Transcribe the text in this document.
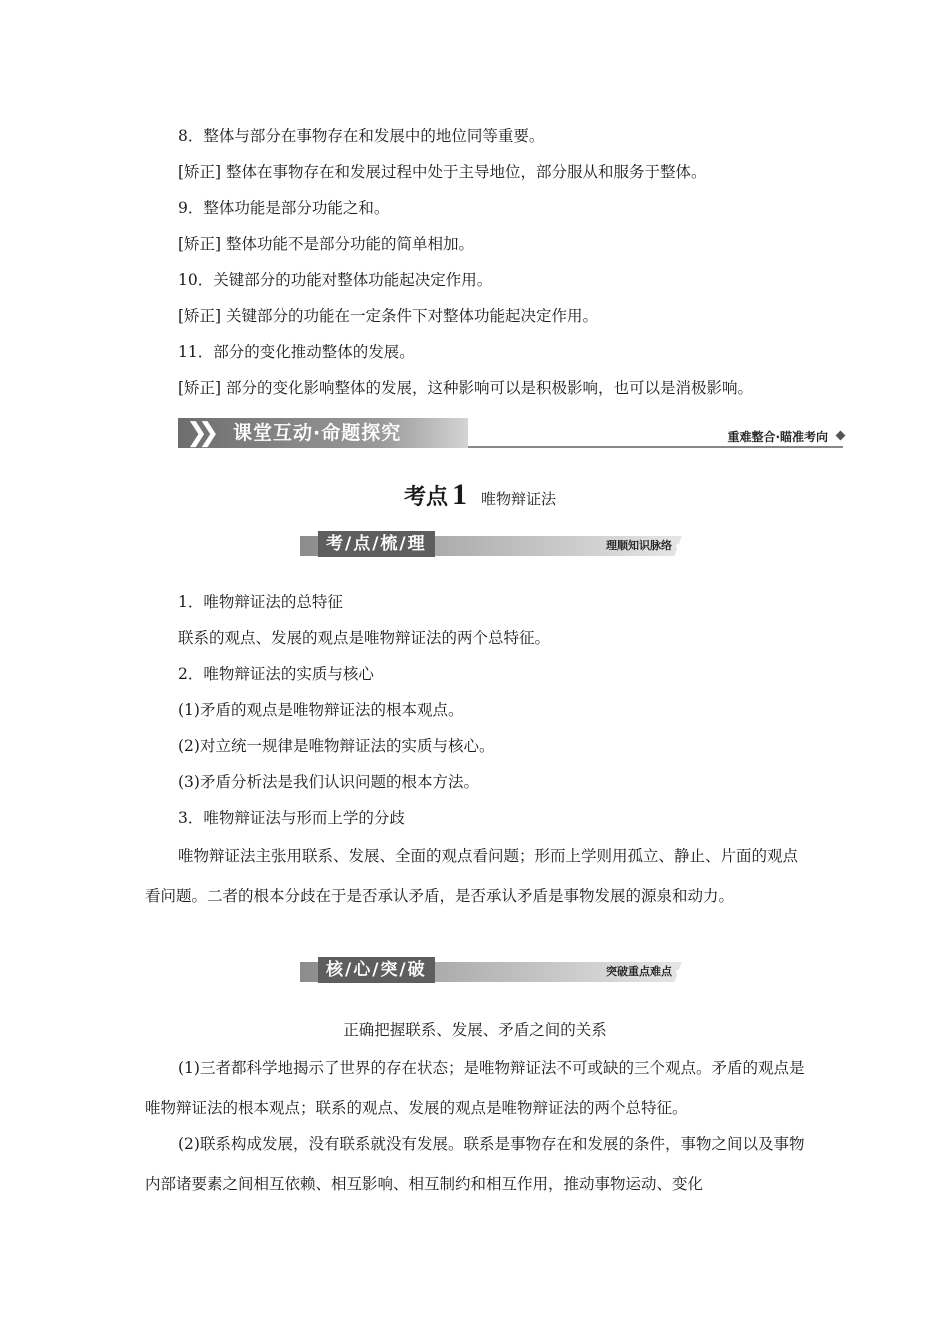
8．整体与部分在事物存在和发展中的地位同等重要。
[矫正] 整体在事物存在和发展过程中处于主导地位，部分服从和服务于整体。
9．整体功能是部分功能之和。
[矫正] 整体功能不是部分功能的简单相加。
10．关键部分的功能对整体功能起决定作用。
[矫正] 关键部分的功能在一定条件下对整体功能起决定作用。
11．部分的变化推动整体的发展。
[矫正] 部分的变化影响整体的发展，这种影响可以是积极影响，也可以是消极影响。
❯❯ 课堂互动·命题探究	重难整合·瞄准考向
考点 1 唯物辩证法
考/点/梳/理	理顺知识脉络
1．唯物辩证法的总特征
联系的观点、发展的观点是唯物辩证法的两个总特征。
2．唯物辩证法的实质与核心
(1)矛盾的观点是唯物辩证法的根本观点。
(2)对立统一规律是唯物辩证法的实质与核心。
(3)矛盾分析法是我们认识问题的根本方法。
3．唯物辩证法与形而上学的分歧
唯物辩证法主张用联系、发展、全面的观点看问题；形而上学则用孤立、静止、片面的观点看问题。二者的根本分歧在于是否承认矛盾，是否承认矛盾是事物发展的源泉和动力。
核/心/突/破	突破重点难点
正确把握联系、发展、矛盾之间的关系
(1)三者都科学地揭示了世界的存在状态；是唯物辩证法不可或缺的三个观点。矛盾的观点是唯物辩证法的根本观点；联系的观点、发展的观点是唯物辩证法的两个总特征。
(2)联系构成发展，没有联系就没有发展。联系是事物存在和发展的条件，事物之间以及事物内部诸要素之间相互依赖、相互影响、相互制约和相互作用，推动事物运动、变化
